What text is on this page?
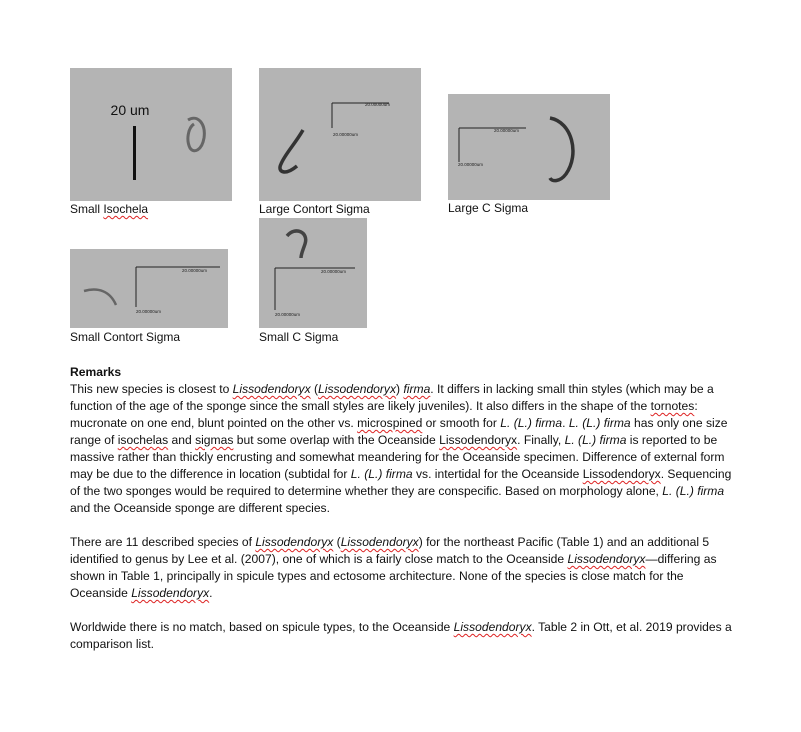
20 um
Small Isochela
20.00000um
20.00000um
Large Contort Sigma
20.00000um
20.00000um
Large C Sigma
20.00000um
20.00000um
Small Contort Sigma
20.00000um
20.00000um
Small C Sigma

Remarks

This new species is closest to Lissodendoryx (Lissodendoryx) firma. It differs in lacking small thin styles (which may be a function of the age of the sponge since the small styles are likely juveniles). It also differs in the shape of the tornotes: mucronate on one end, blunt pointed on the other vs. microspined or smooth for L. (L.) firma. L. (L.) firma has only one size range of isochelas and sigmas but some overlap with the Oceanside Lissodendoryx. Finally, L. (L.) firma is reported to be massive rather than thickly encrusting and somewhat meandering for the Oceanside specimen. Difference of external form may be due to the difference in location (subtidal for L. (L.) firma vs. intertidal for the Oceanside Lissodendoryx. Sequencing of the two sponges would be required to determine whether they are conspecific. Based on morphology alone, L. (L.) firma and the Oceanside sponge are different species.

There are 11 described species of Lissodendoryx (Lissodendoryx) for the northeast Pacific (Table 1) and an additional 5 identified to genus by Lee et al. (2007), one of which is a fairly close match to the Oceanside Lissodendoryx—differing as shown in Table 1, principally in spicule types and ectosome architecture. None of the species is close match for the Oceanside Lissodendoryx.

Worldwide there is no match, based on spicule types, to the Oceanside Lissodendoryx. Table 2 in Ott, et al. 2019 provides a comparison list.
